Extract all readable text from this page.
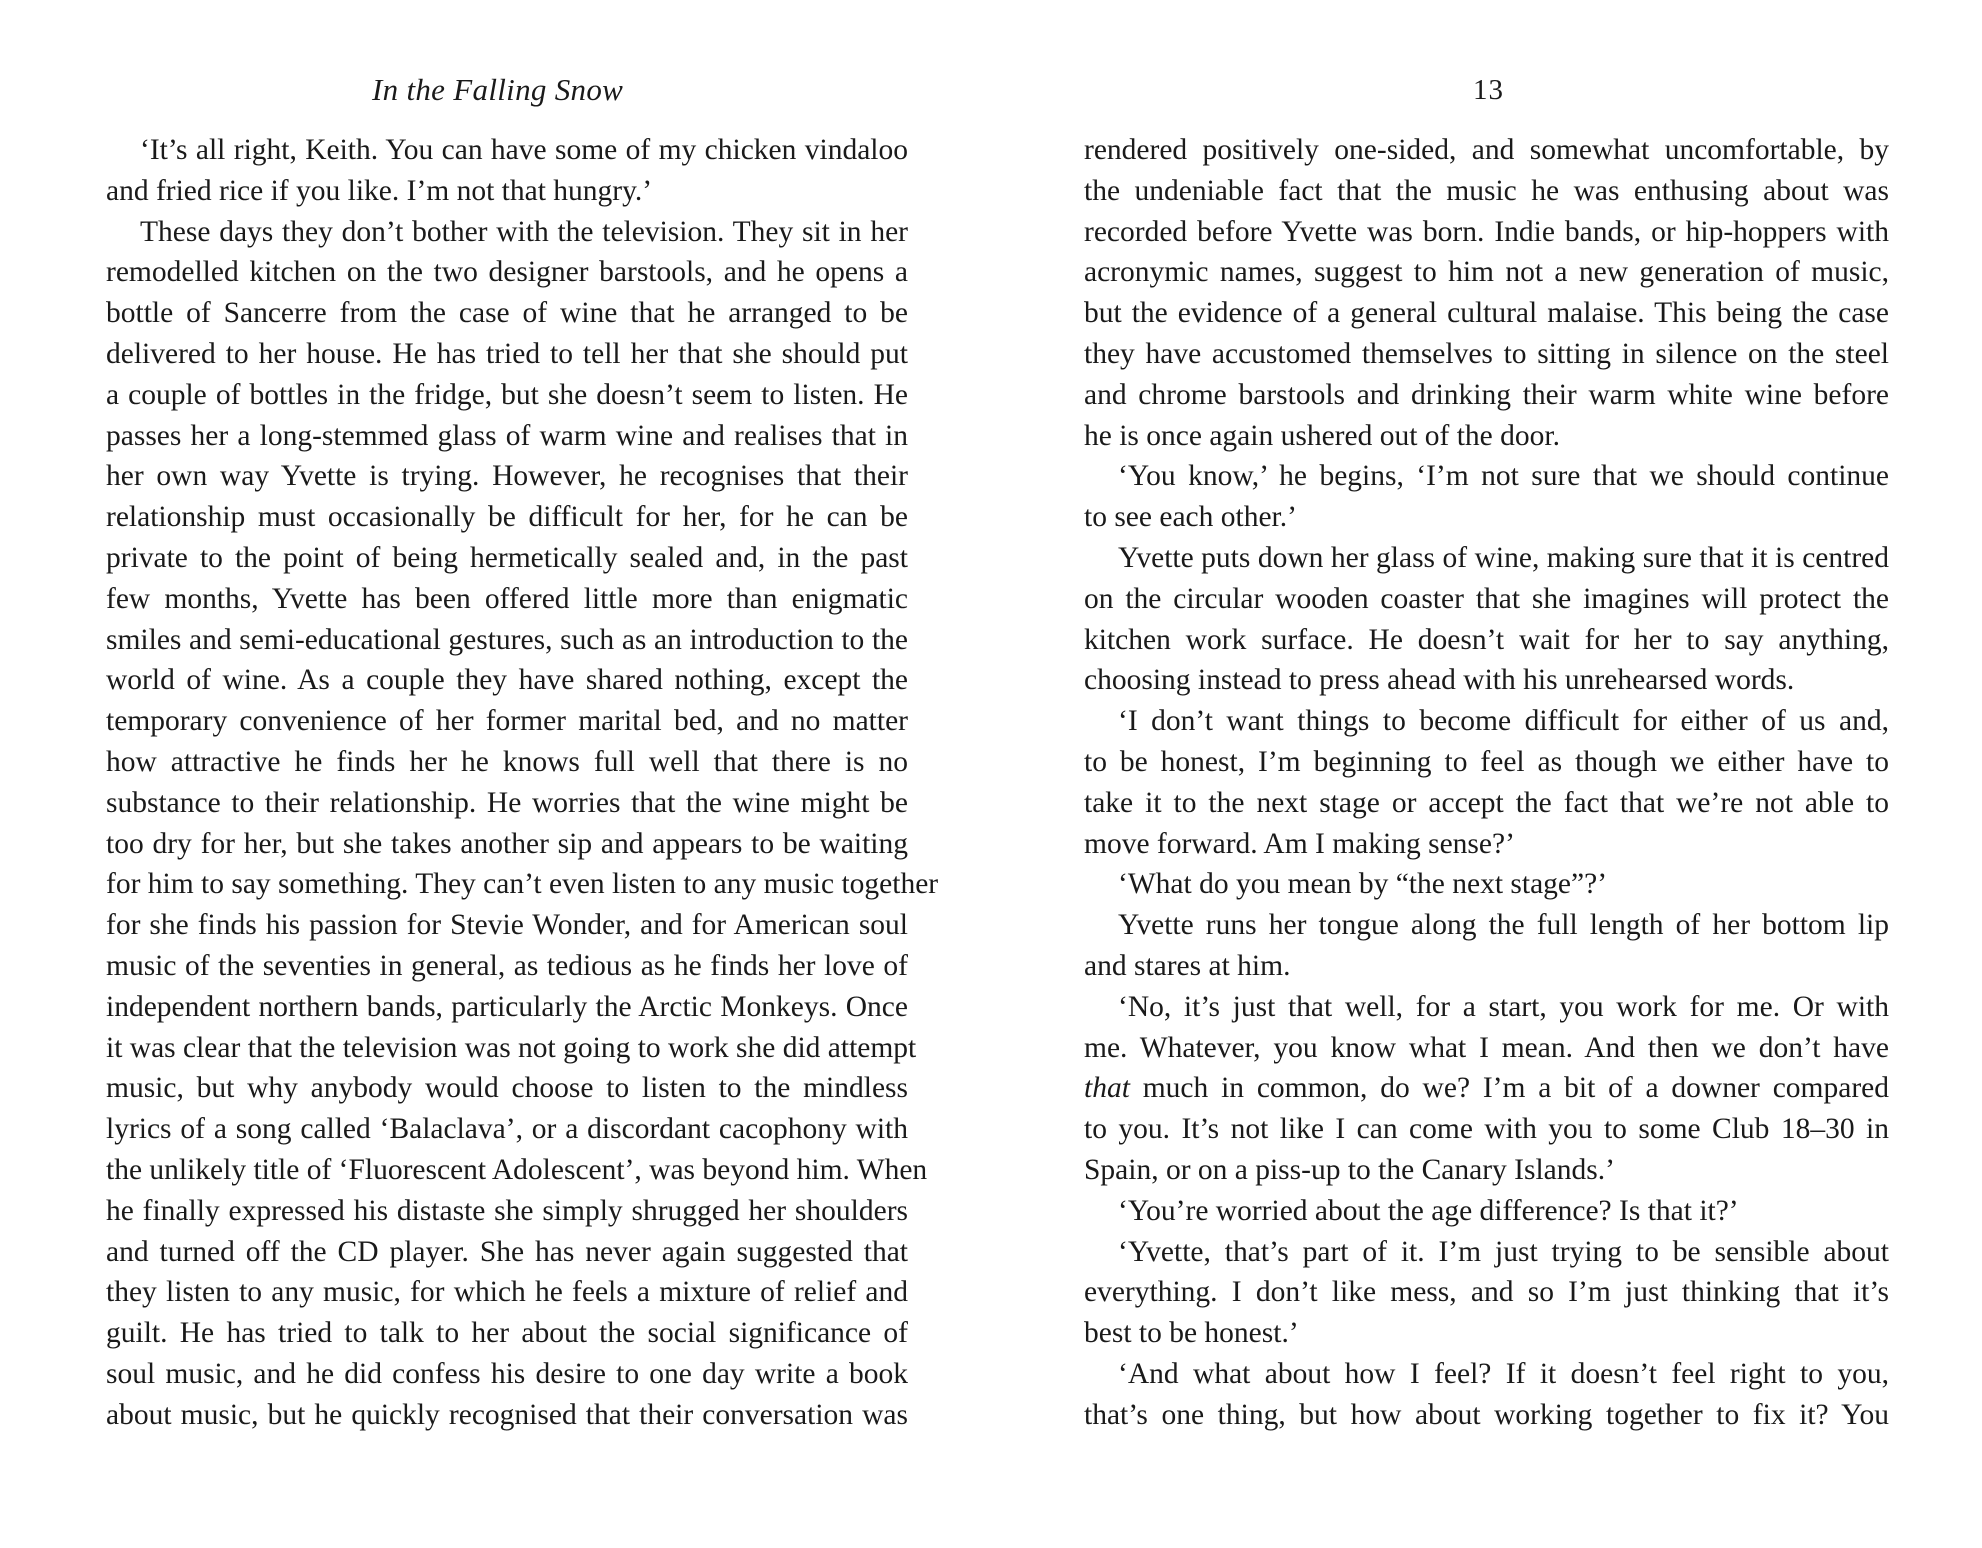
In the Falling Snow
‘It’s all right, Keith. You can have some of my chicken vindaloo
and fried rice if you like. I’m not that hungry.’
These days they don’t bother with the television. They sit in her
remodelled kitchen on the two designer barstools, and he opens a
bottle of Sancerre from the case of wine that he arranged to be
delivered to her house. He has tried to tell her that she should put
a couple of bottles in the fridge, but she doesn’t seem to listen. He
passes her a long-stemmed glass of warm wine and realises that in
her own way Yvette is trying. However, he recognises that their
relationship must occasionally be difficult for her, for he can be
private to the point of being hermetically sealed and, in the past
few months, Yvette has been offered little more than enigmatic
smiles and semi-educational gestures, such as an introduction to the
world of wine. As a couple they have shared nothing, except the
temporary convenience of her former marital bed, and no matter
how attractive he finds her he knows full well that there is no
substance to their relationship. He worries that the wine might be
too dry for her, but she takes another sip and appears to be waiting
for him to say something. They can’t even listen to any music together
for she finds his passion for Stevie Wonder, and for American soul
music of the seventies in general, as tedious as he finds her love of
independent northern bands, particularly the Arctic Monkeys. Once
it was clear that the television was not going to work she did attempt
music, but why anybody would choose to listen to the mindless
lyrics of a song called ‘Balaclava’, or a discordant cacophony with
the unlikely title of ‘Fluorescent Adolescent’, was beyond him. When
he finally expressed his distaste she simply shrugged her shoulders
and turned off the CD player. She has never again suggested that
they listen to any music, for which he feels a mixture of relief and
guilt. He has tried to talk to her about the social significance of
soul music, and he did confess his desire to one day write a book
about music, but he quickly recognised that their conversation was
13
rendered positively one-sided, and somewhat uncomfortable, by
the undeniable fact that the music he was enthusing about was
recorded before Yvette was born. Indie bands, or hip-hoppers with
acronymic names, suggest to him not a new generation of music,
but the evidence of a general cultural malaise. This being the case
they have accustomed themselves to sitting in silence on the steel
and chrome barstools and drinking their warm white wine before
he is once again ushered out of the door.
‘You know,’ he begins, ‘I’m not sure that we should continue
to see each other.’
Yvette puts down her glass of wine, making sure that it is centred
on the circular wooden coaster that she imagines will protect the
kitchen work surface. He doesn’t wait for her to say anything,
choosing instead to press ahead with his unrehearsed words.
‘I don’t want things to become difficult for either of us and,
to be honest, I’m beginning to feel as though we either have to
take it to the next stage or accept the fact that we’re not able to
move forward. Am I making sense?’
‘What do you mean by “the next stage”?’
Yvette runs her tongue along the full length of her bottom lip
and stares at him.
‘No, it’s just that well, for a start, you work for me. Or with
me. Whatever, you know what I mean. And then we don’t have
that much in common, do we? I’m a bit of a downer compared
to you. It’s not like I can come with you to some Club 18–30 in
Spain, or on a piss-up to the Canary Islands.’
‘You’re worried about the age difference? Is that it?’
‘Yvette, that’s part of it. I’m just trying to be sensible about
everything. I don’t like mess, and so I’m just thinking that it’s
best to be honest.’
‘And what about how I feel? If it doesn’t feel right to you,
that’s one thing, but how about working together to fix it? You
